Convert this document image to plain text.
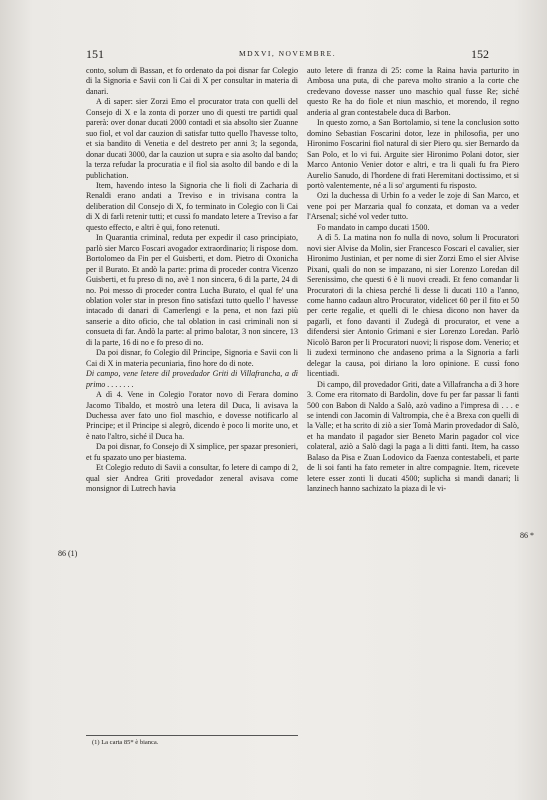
151	MDXVI, NOVEMBRE.	152

conto, solum di Bassan, et fo ordenato da poi disnar far Colegio di la Signoria e Savii con li Cai di X per consultar in materia di danari.

A dì saper: sier Zorzi Emo el procurator trata con quelli del Consejo di X e la zonta di porzer uno di questi tre partidi qual parerà: over donar ducati 2000 contadi et sia absolto sier Zuanne suo fiol, et vol dar cauzion di satisfar tutto quello l'havesse tolto, et sia bandito di Venetia e del destreto per anni 3; la segonda, donar ducati 3000, dar la cauzion ut supra e sia asolto dal bando; la terza refudar la procuratia e il fiol sia asolto dil bando e di la publichation.

Item, havendo inteso la Signoria che li fioli di Zacharia di Renaldi erano andati a Treviso e in trivisana contra la deliberation dil Consejo di X, fo terminato in Colegio con li Cai di X di farli retenir tutti; et cussì fo mandato letere a Treviso a far questo effecto, e altri è qui, fono retenuti.

In Quarantia criminal, reduta per expedir il caso principiato, parlò sier Marco Foscari avogador extraordinario; li rispose dom. Bortolomeo da Fin per el Guisberti, et dom. Pietro di Oxonicha per il Burato. Et andò la parte: prima di proceder contra Vicenzo Guisberti, et fu preso di no, avè 1 non sincera, 6 di la parte, 24 di no. Poi messo di proceder contra Lucha Burato, el qual fe' una oblation voler star in preson fino satisfazi tutto quello l' havesse intacado di danari di Camerlengi e la pena, et non fazi più sanserie a dito oficio, che tal oblation in casi criminali non si consueta di far. Andò la parte: al primo balotar, 3 non sincere, 13 di la parte, 16 di no e fo preso di no.

Da poi disnar, fo Colegio dil Principe, Signoria e Savii con li Cai di X in materia pecuniaria, fino hore do di note.

Di campo, vene letere dil provedador Griti di Villafrancha, a dì primo . . . . . . .

A dì 4. Vene in Colegio l'orator novo di Ferara domino Jacomo Tibaldo, et mostrò una letera dil Duca, li avisava la Duchessa aver fato uno fiol maschio, e dovesse notificarlo al Principe; et il Principe si alegrò, dicendo è poco li morite uno, et è nato l'altro, siché il Duca ha.

Da poi disnar, fo Consejo di X simplice, per spazar presonieri, et fu spazato uno per biastema.

Et Colegio reduto di Savii a consultar, fo letere di campo di 2, qual sier Andrea Griti provedador zeneral avisava come monsignor di Lutrech havia

auto letere di franza di 25: come la Raina havia parturito in Ambosa una puta, di che pareva molto stranio a la corte che credevano dovesse nasser uno maschio qual fusse Re; siché questo Re ha do fiole et niun maschio, et morendo, il regno anderia al gran contestabele duca di Barbon.

In questo zorno, a San Bortolamio, si tene la conclusion sotto domino Sebastian Foscarini dotor, leze in philosofia, per uno Hironimo Foscarini fiol natural di sier Piero qu. sier Bernardo da San Polo, et lo vi fui. Arguite sier Hironimo Polani dotor, sier Marco Antonio Venier dotor e altri, e tra li quali fu fra Piero Aurelio Sanudo, di l'hordene di frati Heremitani doctissimo, et si portò valentemente, né a li so' argumenti fu risposto.

Ozi la duchessa di Urbin fo a veder le zoje di San Marco, et vene poi per Marzaria qual fo conzata, et doman va a veder l'Arsenal; siché vol veder tutto.

Fo mandato in campo ducati 1500.

A dì 5. La matina non fo nulla di novo, solum li Procuratori novi sier Alvise da Molin, sier Francesco Foscari el cavalier, sier Hironimo Justinian, et per nome di sier Zorzi Emo el sier Alvise Pixani, quali do non se impazano, ni sier Lorenzo Loredan dil Serenissimo, che questi 6 è li nuovi creadi. Et feno comandar li Procuratori di la chiesa perché li desse li ducati 110 a l'anno, come hanno cadaun altro Procurator, videlicet 60 per il fito et 50 per certe regalie, et quelli di le chiesa dicono non haver da pagarli, et fono davanti il Zudegà di procurator, et vene a difendersi sier Antonio Grimani e sier Lorenzo Loredan. Parlò Nicolò Baron per li Procuratori nuovi; li rispose dom. Venerio; et li zudexi terminono che andaseno prima a la Signoria a farli delegar la causa, poi diriano la loro opinione. E cussì fono licentiadi.

Di campo, dil provedador Griti, date a Villafrancha a dì 3 hore 3. Come era ritornato di Bardolin, dove fu per far passar li fanti 500 con Babon di Naldo a Salò, azò vadino a l'impresa di . . . e se intendi con Jacomin di Valtrompia, che è a Brexa con quelli di la Valle; et ha scrito di ziò a sier Tomà Marin provedador di Salò, et ha mandato il pagador sier Beneto Marin pagador col vice colateral, aziò a Salò dagi la paga a li ditti fanti. Item, ha casso Balaso da Pisa e Zuan Lodovico da Faenza contestabeli, et parte de li soi fanti ha fato remeter in altre compagnie. Item, ricevete letere esser zonti li ducati 4500; suplicha si mandi danari; li lanzinech hanno sachizato la piaza di le vi-

86 (1)
86 *
(1) La carta 85* è bianca.
